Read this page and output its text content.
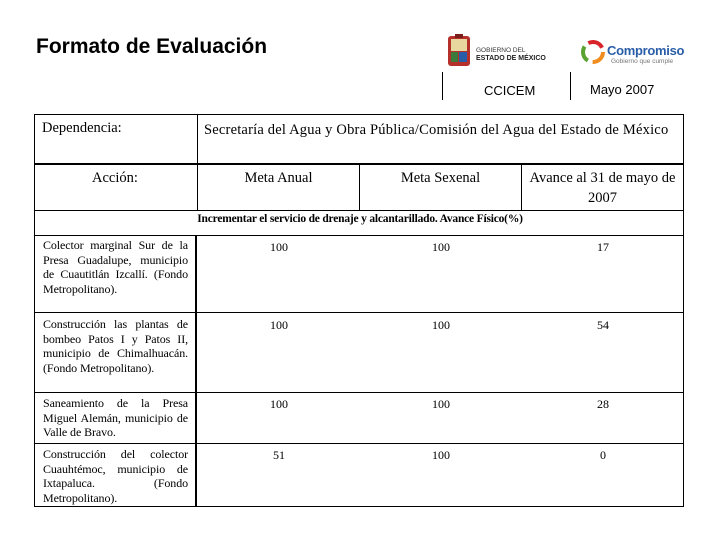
Formato de Evaluación	GOBIERNO DEL
ESTADO DE MÉXICO
Compromiso
Gobierno que cumple
CCICEM	Mayo 2007
Dependencia:	Secretaría del Agua y Obra Pública/Comisión del Agua del Estado de México
Acción:	Meta Anual	Meta Sexenal	Avance al 31 de mayo de 2007
Incrementar el servicio de drenaje y alcantarillado. Avance Físico(%)
Colector marginal Sur de la Presa Guadalupe, municipio de Cuautitlán Izcallí. (Fondo Metropolitano).
100	100	17
Construcción las plantas de bombeo Patos I y Patos II, municipio de Chimalhuacán. (Fondo Metropolitano).
100	100	54
Saneamiento de la Presa Miguel Alemán, municipio de Valle de Bravo.
100	100	28
Construcción del colector Cuauhtémoc, municipio de Ixtapaluca. (Fondo Metropolitano).
51	100	0
